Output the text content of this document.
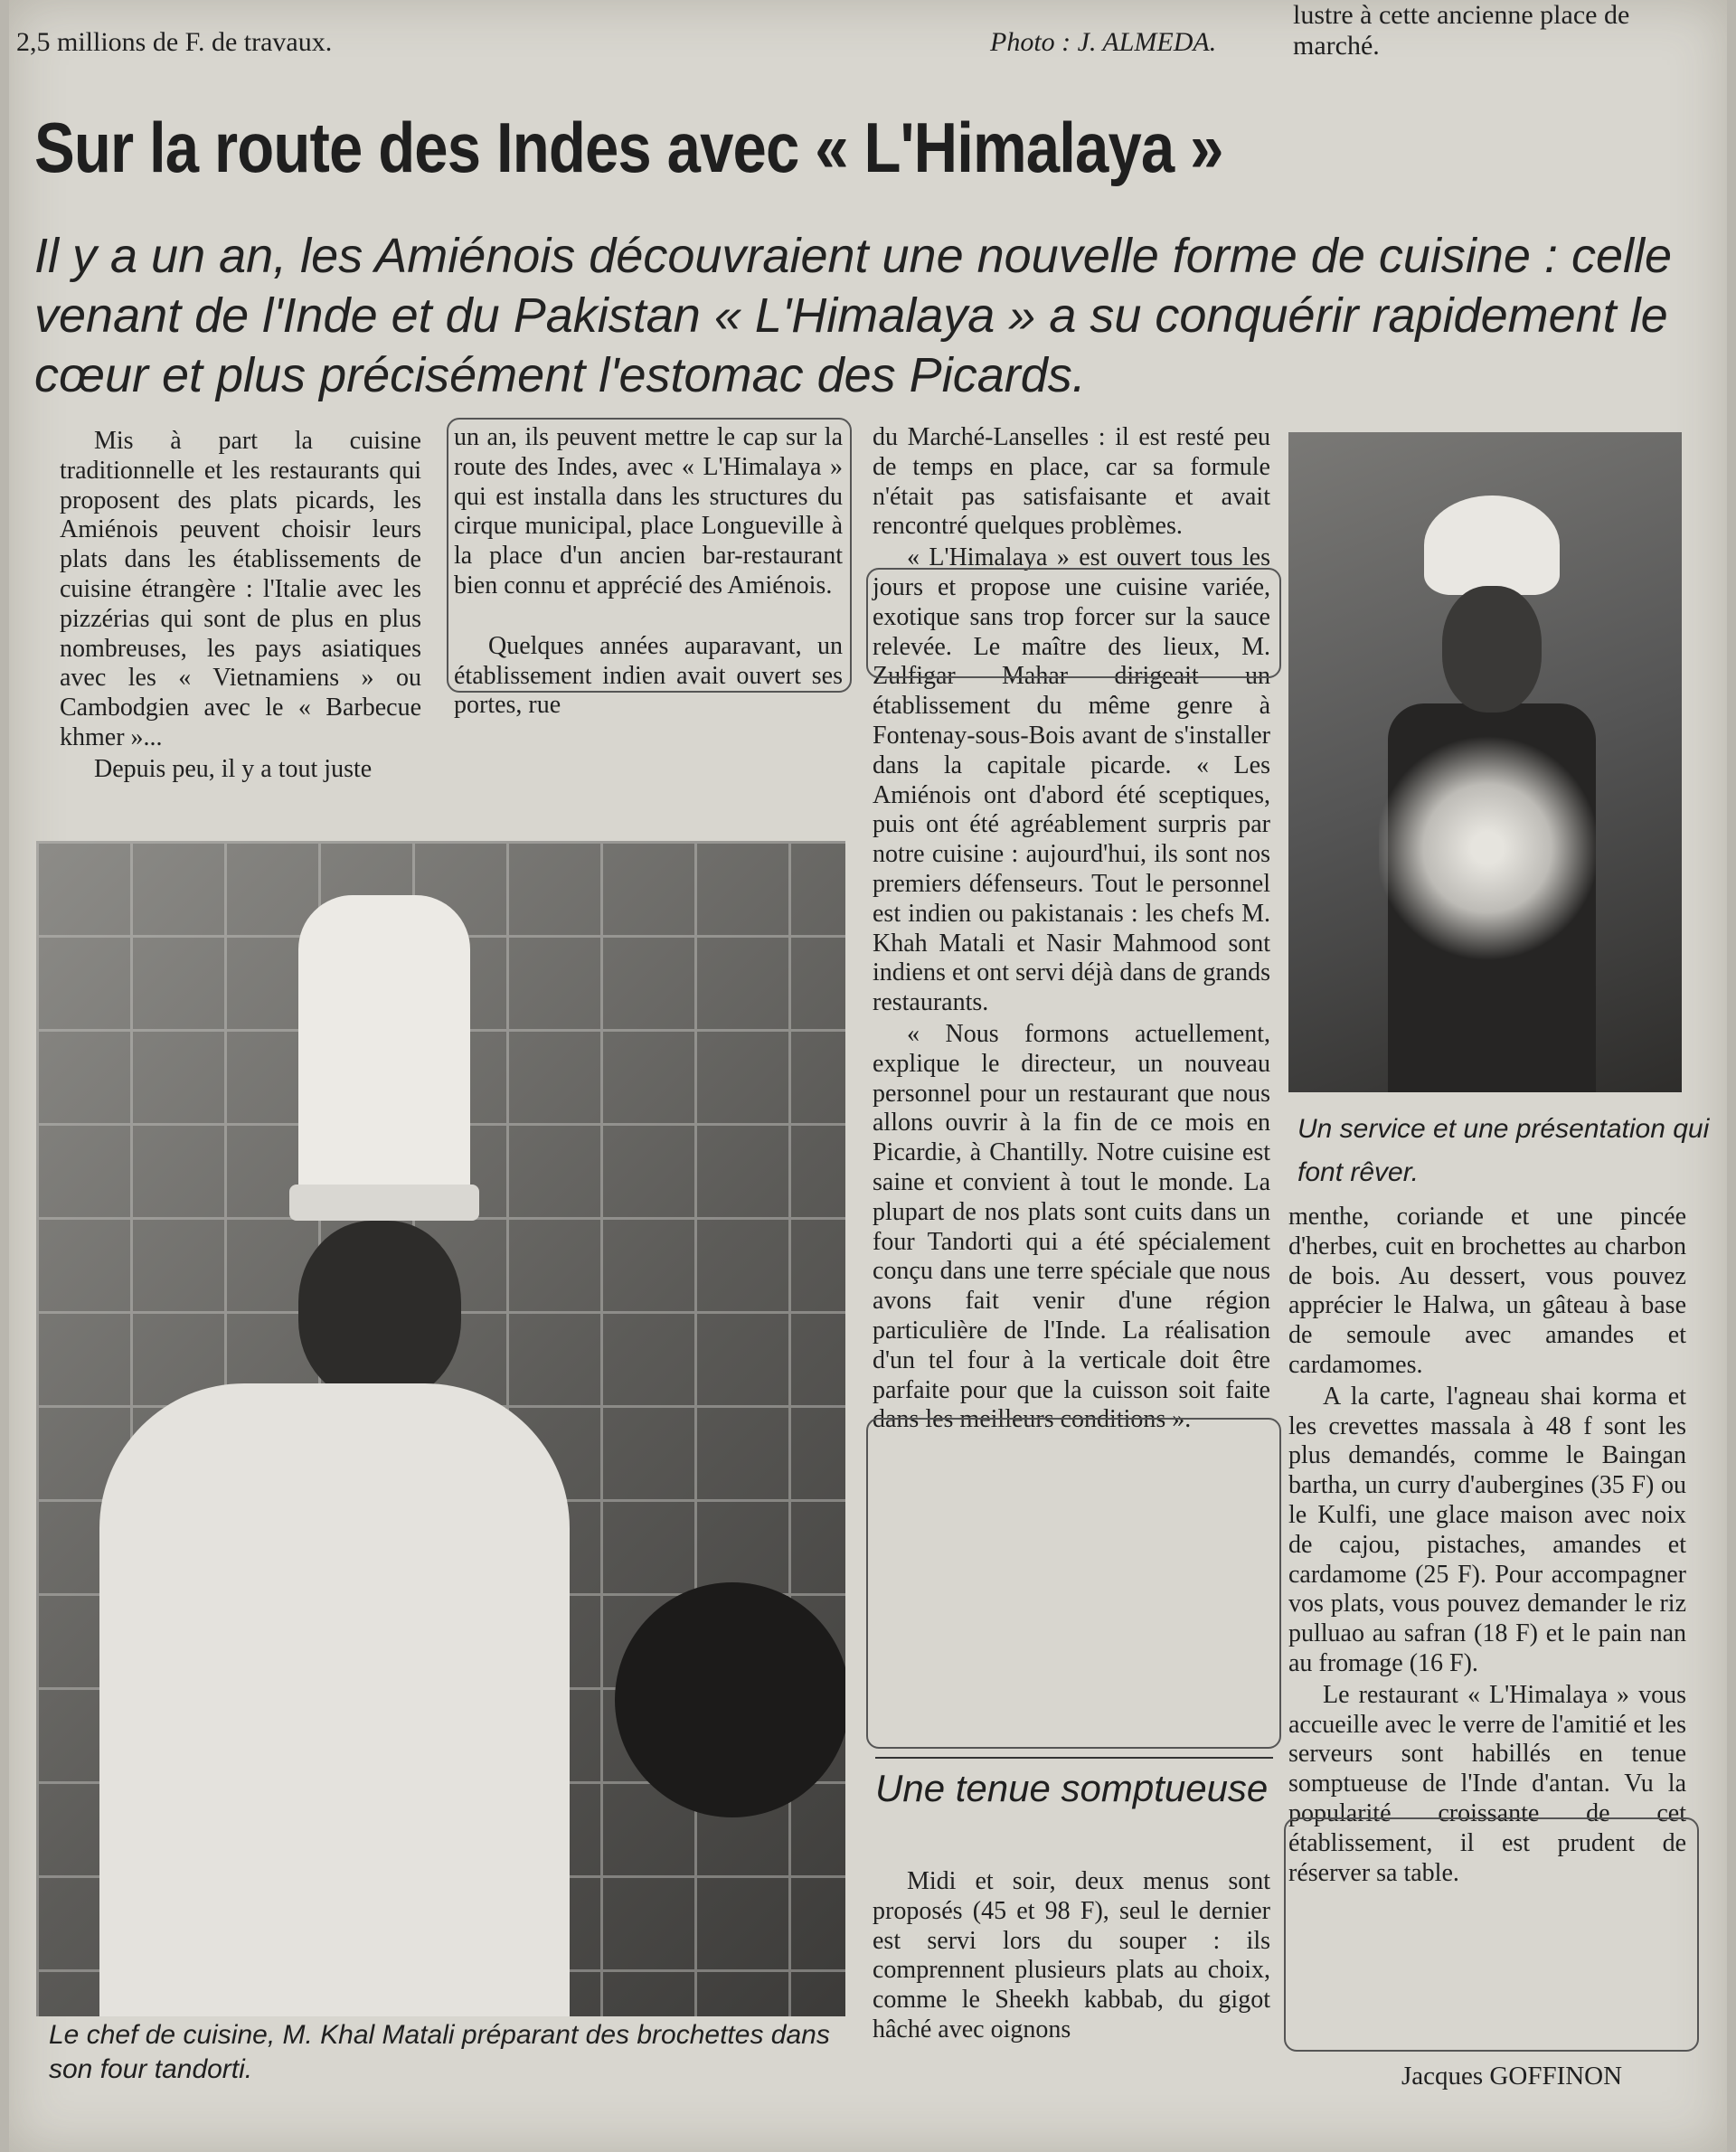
2,5 millions de F. de travaux.	Photo : J. ALMEDA.
lustre à cette ancienne place de marché.
Sur la route des Indes avec « L'Himalaya »
Il y a un an, les Amiénois découvraient une nouvelle forme de cuisine : celle venant de l'Inde et du Pakistan « L'Himalaya » a su conquérir rapidement le cœur et plus précisément l'estomac des Picards.

Mis à part la cuisine traditionnelle et les restaurants qui proposent des plats picards, les Amiénois peuvent choisir leurs plats dans les établissements de cuisine étrangère : l'Italie avec les pizzérias qui sont de plus en plus nombreuses, les pays asiatiques avec les « Vietnamiens » ou Cambodgien avec le « Barbecue khmer »...

Depuis peu, il y a tout juste

un an, ils peuvent mettre le cap sur la route des Indes, avec « L'Himalaya » qui est installa dans les structures du cirque municipal, place Longueville à la place d'un ancien bar-restaurant bien connu et apprécié des Amiénois.

Quelques années auparavant, un établissement indien avait ouvert ses portes, rue

Le chef de cuisine, M. Khal Matali préparant des brochettes dans son four tandorti.

du Marché-Lanselles : il est resté peu de temps en place, car sa formule n'était pas satisfaisante et avait rencontré quelques problèmes.

« L'Himalaya » est ouvert tous les jours et propose une cuisine variée, exotique sans trop forcer sur la sauce relevée. Le maître des lieux, M. Zulfigar Mahar dirigeait un établissement du même genre à Fontenay-sous-Bois avant de s'installer dans la capitale picarde. « Les Amiénois ont d'abord été sceptiques, puis ont été agréablement surpris par notre cuisine : aujourd'hui, ils sont nos premiers défenseurs. Tout le personnel est indien ou pakistanais : les chefs M. Khah Matali et Nasir Mahmood sont indiens et ont servi déjà dans de grands restaurants.

« Nous formons actuellement, explique le directeur, un nouveau personnel pour un restaurant que nous allons ouvrir à la fin de ce mois en Picardie, à Chantilly. Notre cuisine est saine et convient à tout le monde. La plupart de nos plats sont cuits dans un four Tandorti qui a été spécialement conçu dans une terre spéciale que nous avons fait venir d'une région particulière de l'Inde. La réalisation d'un tel four à la verticale doit être parfaite pour que la cuisson soit faite dans les meilleurs conditions ».

Une tenue somptueuse

Midi et soir, deux menus sont proposés (45 et 98 F), seul le dernier est servi lors du souper : ils comprennent plusieurs plats au choix, comme le Sheekh kabbab, du gigot hâché avec oignons

Un service et une présentation qui font rêver.

menthe, coriande et une pincée d'herbes, cuit en brochettes au charbon de bois. Au dessert, vous pouvez apprécier le Halwa, un gâteau à base de semoule avec amandes et cardamomes.

A la carte, l'agneau shai korma et les crevettes massala à 48 f sont les plus demandés, comme le Baingan bartha, un curry d'aubergines (35 F) ou le Kulfi, une glace maison avec noix de cajou, pistaches, amandes et cardamome (25 F). Pour accompagner vos plats, vous pouvez demander le riz pulluao au safran (18 F) et le pain nan au fromage (16 F).

Le restaurant « L'Himalaya » vous accueille avec le verre de l'amitié et les serveurs sont habillés en tenue somptueuse de l'Inde d'antan. Vu la popularité croissante de cet établissement, il est prudent de réserver sa table.

Jacques GOFFINON
